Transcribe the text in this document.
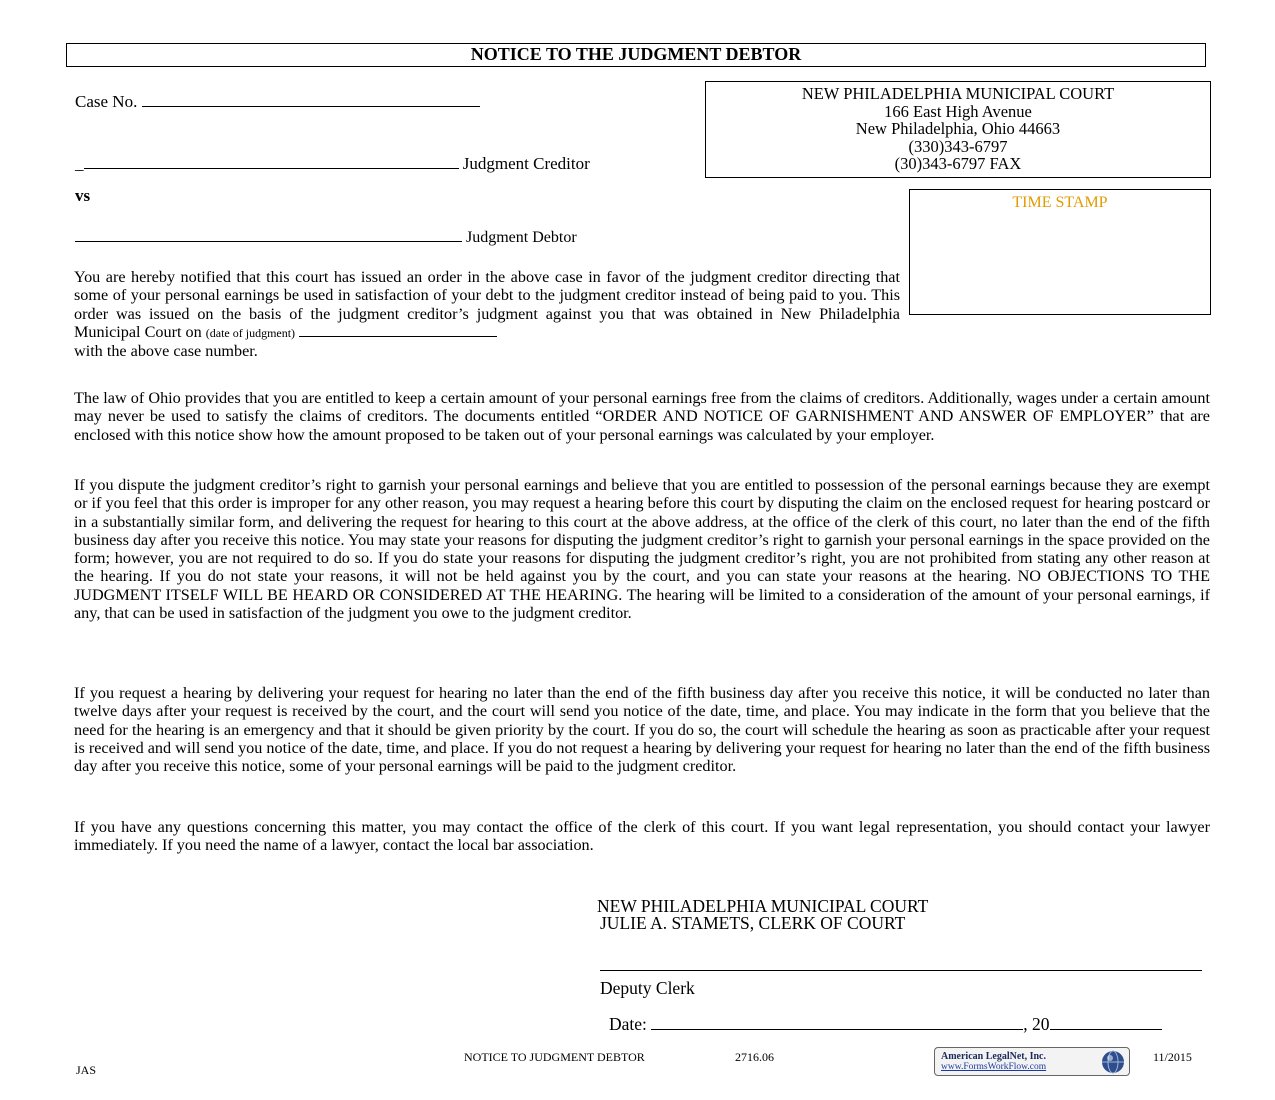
NOTICE TO THE JUDGMENT DEBTOR
Case No.
_	Judgment Creditor
vs
Judgment Debtor
NEW PHILADELPHIA MUNICIPAL COURT
166 East High Avenue
New Philadelphia, Ohio 44663
(330)343-6797
(30)343-6797 FAX
TIME STAMP
You are hereby notified that this court has issued an order in the above case in favor of the judgment creditor directing that some of your personal earnings be used in satisfaction of your debt to the judgment creditor instead of being paid to you. This order was issued on the basis of the judgment creditor’s judgment against you that was obtained in New Philadelphia Municipal Court on (date of judgment)
with the above case number.
The law of Ohio provides that you are entitled to keep a certain amount of your personal earnings free from the claims of creditors. Additionally, wages under a certain amount may never be used to satisfy the claims of creditors. The documents entitled “ORDER AND NOTICE OF GARNISHMENT AND ANSWER OF EMPLOYER” that are enclosed with this notice show how the amount proposed to be taken out of your personal earnings was calculated by your employer.
If you dispute the judgment creditor’s right to garnish your personal earnings and believe that you are entitled to possession of the personal earnings because they are exempt or if you feel that this order is improper for any other reason, you may request a hearing before this court by disputing the claim on the enclosed request for hearing postcard or in a substantially similar form, and delivering the request for hearing to this court at the above address, at the office of the clerk of this court, no later than the end of the fifth business day after you receive this notice. You may state your reasons for disputing the judgment creditor’s right to garnish your personal earnings in the space provided on the form; however, you are not required to do so. If you do state your reasons for disputing the judgment creditor’s right, you are not prohibited from stating any other reason at the hearing. If you do not state your reasons, it will not be held against you by the court, and you can state your reasons at the hearing. NO OBJECTIONS TO THE JUDGMENT ITSELF WILL BE HEARD OR CONSIDERED AT THE HEARING. The hearing will be limited to a consideration of the amount of your personal earnings, if any, that can be used in satisfaction of the judgment you owe to the judgment creditor.
If you request a hearing by delivering your request for hearing no later than the end of the fifth business day after you receive this notice, it will be conducted no later than twelve days after your request is received by the court, and the court will send you notice of the date, time, and place. You may indicate in the form that you believe that the need for the hearing is an emergency and that it should be given priority by the court. If you do so, the court will schedule the hearing as soon as practicable after your request is received and will send you notice of the date, time, and place. If you do not request a hearing by delivering your request for hearing no later than the end of the fifth business day after you receive this notice, some of your personal earnings will be paid to the judgment creditor.
If you have any questions concerning this matter, you may contact the office of the clerk of this court. If you want legal representation, you should contact your lawyer immediately. If you need the name of a lawyer, contact the local bar association.
NEW PHILADELPHIA MUNICIPAL COURT
JULIE A. STAMETS, CLERK OF COURT
Deputy Clerk
Date:	, 20
NOTICE TO JUDGMENT DEBTOR	2716.06
JAS
11/2015
American LegalNet, Inc.
www.FormsWorkFlow.com
